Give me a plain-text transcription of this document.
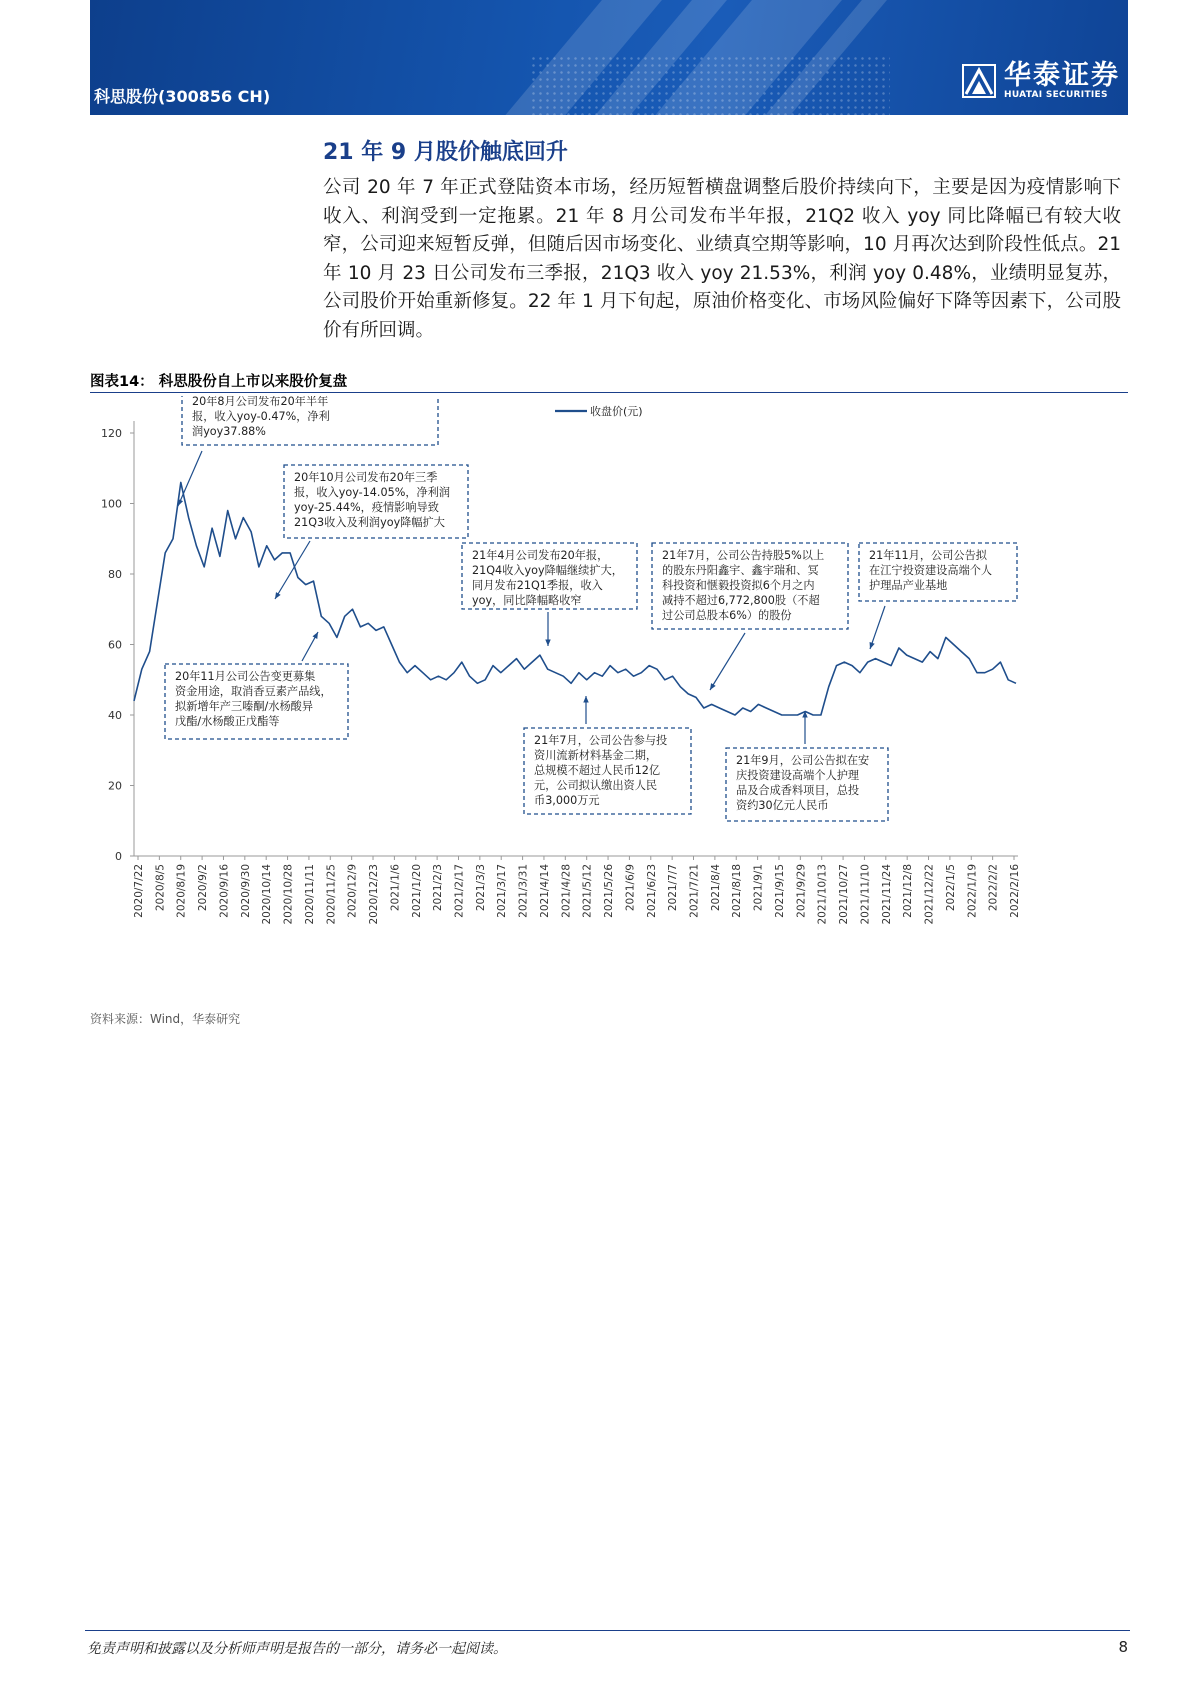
科思股份(300856 CH)
华泰证券
HUATAI SECURITIES
21 年 9 月股价触底回升
公司 20 年 7 年正式登陆资本市场，经历短暂横盘调整后股价持续向下，主要是因为疫情影响下收入、利润受到一定拖累。21 年 8 月公司发布半年报，21Q2 收入 yoy 同比降幅已有较大收窄，公司迎来短暂反弹，但随后因市场变化、业绩真空期等影响，10 月再次达到阶段性低点。21 年 10 月 23 日公司发布三季报，21Q3 收入 yoy 21.53%，利润 yoy 0.48%，业绩明显复苏，公司股价开始重新修复。22 年 1 月下旬起，原油价格变化、市场风险偏好下降等因素下，公司股价有所回调。
图表14： 科思股份自上市以来股价复盘
收盘价(元)
0
20
40
60
80
100
120
2020/7/22 2020/8/5 2020/8/19 2020/9/2 2020/9/16 2020/9/30 2020/10/14 2020/10/28 2020/11/11 2020/11/25 2020/12/9 2020/12/23 2021/1/6 2021/1/20 2021/2/3 2021/2/17 2021/3/3 2021/3/17 2021/3/31 2021/4/14 2021/4/28 2021/5/12 2021/5/26 2021/6/9 2021/6/23 2021/7/7 2021/7/21 2021/8/4 2021/8/18 2021/9/1 2021/9/15 2021/9/29 2021/10/13 2021/10/27 2021/11/10 2021/11/24 2021/12/8 2021/12/22 2022/1/5 2022/1/19 2022/2/2 2022/2/16
20年8月公司发布20年半年
报，收入yoy-0.47%，净利
润yoy37.88%
20年10月公司发布20年三季
报，收入yoy-14.05%，净利润
yoy-25.44%，疫情影响导致
21Q3收入及利润yoy降幅扩大
21年4月公司发布20年报，
21Q4收入yoy降幅继续扩大，
同月发布21Q1季报，收入
yoy，同比降幅略收窄
21年7月，公司公告持股5%以上
的股东丹阳鑫宇、鑫宇瑞和、冥
科投资和惬毅投资拟6个月之内
减持不超过6,772,800股（不超
过公司总股本6%）的股份
21年11月，公司公告拟
在江宁投资建设高端个人
护理品产业基地
20年11月公司公告变更募集
资金用途，取消香豆素产品线，
拟新增年产三嗪酮/水杨酸异
戊酯/水杨酸正戊酯等
21年7月，公司公告参与投
资川流新材料基金二期，
总规模不超过人民币12亿
元，公司拟认缴出资人民
币3,000万元
21年9月，公司公告拟在安
庆投资建设高端个人护理
品及合成香料项目，总投
资约30亿元人民币
资料来源：Wind，华泰研究
免责声明和披露以及分析师声明是报告的一部分，请务必一起阅读。	8
